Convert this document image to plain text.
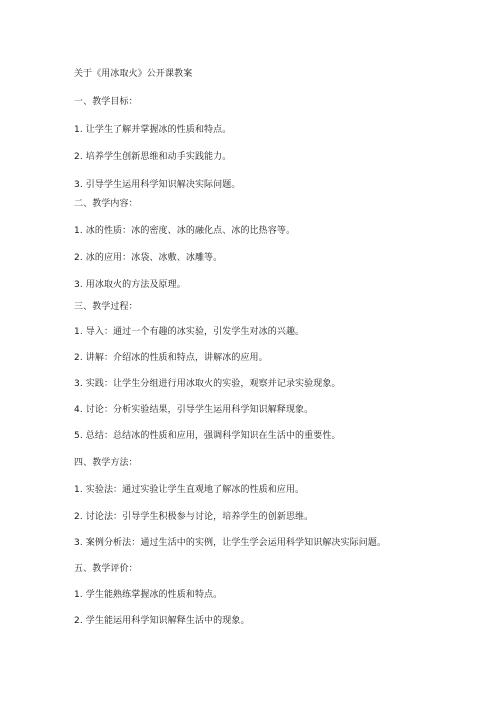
关于《用冰取火》公开课教案
一、教学目标：
1. 让学生了解并掌握冰的性质和特点。
2. 培养学生创新思维和动手实践能力。
3. 引导学生运用科学知识解决实际问题。
二、教学内容：
1. 冰的性质：冰的密度、冰的融化点、冰的比热容等。
2. 冰的应用：冰袋、冰敷、冰雕等。
3. 用冰取火的方法及原理。
三、教学过程：
1. 导入：通过一个有趣的冰实验，引发学生对冰的兴趣。
2. 讲解：介绍冰的性质和特点，讲解冰的应用。
3. 实践：让学生分组进行用冰取火的实验，观察并记录实验现象。
4. 讨论：分析实验结果，引导学生运用科学知识解释现象。
5. 总结：总结冰的性质和应用，强调科学知识在生活中的重要性。
四、教学方法：
1. 实验法：通过实验让学生直观地了解冰的性质和应用。
2. 讨论法：引导学生积极参与讨论，培养学生的创新思维。
3. 案例分析法：通过生活中的实例，让学生学会运用科学知识解决实际问题。
五、教学评价：
1. 学生能熟练掌握冰的性质和特点。
2. 学生能运用科学知识解释生活中的现象。
